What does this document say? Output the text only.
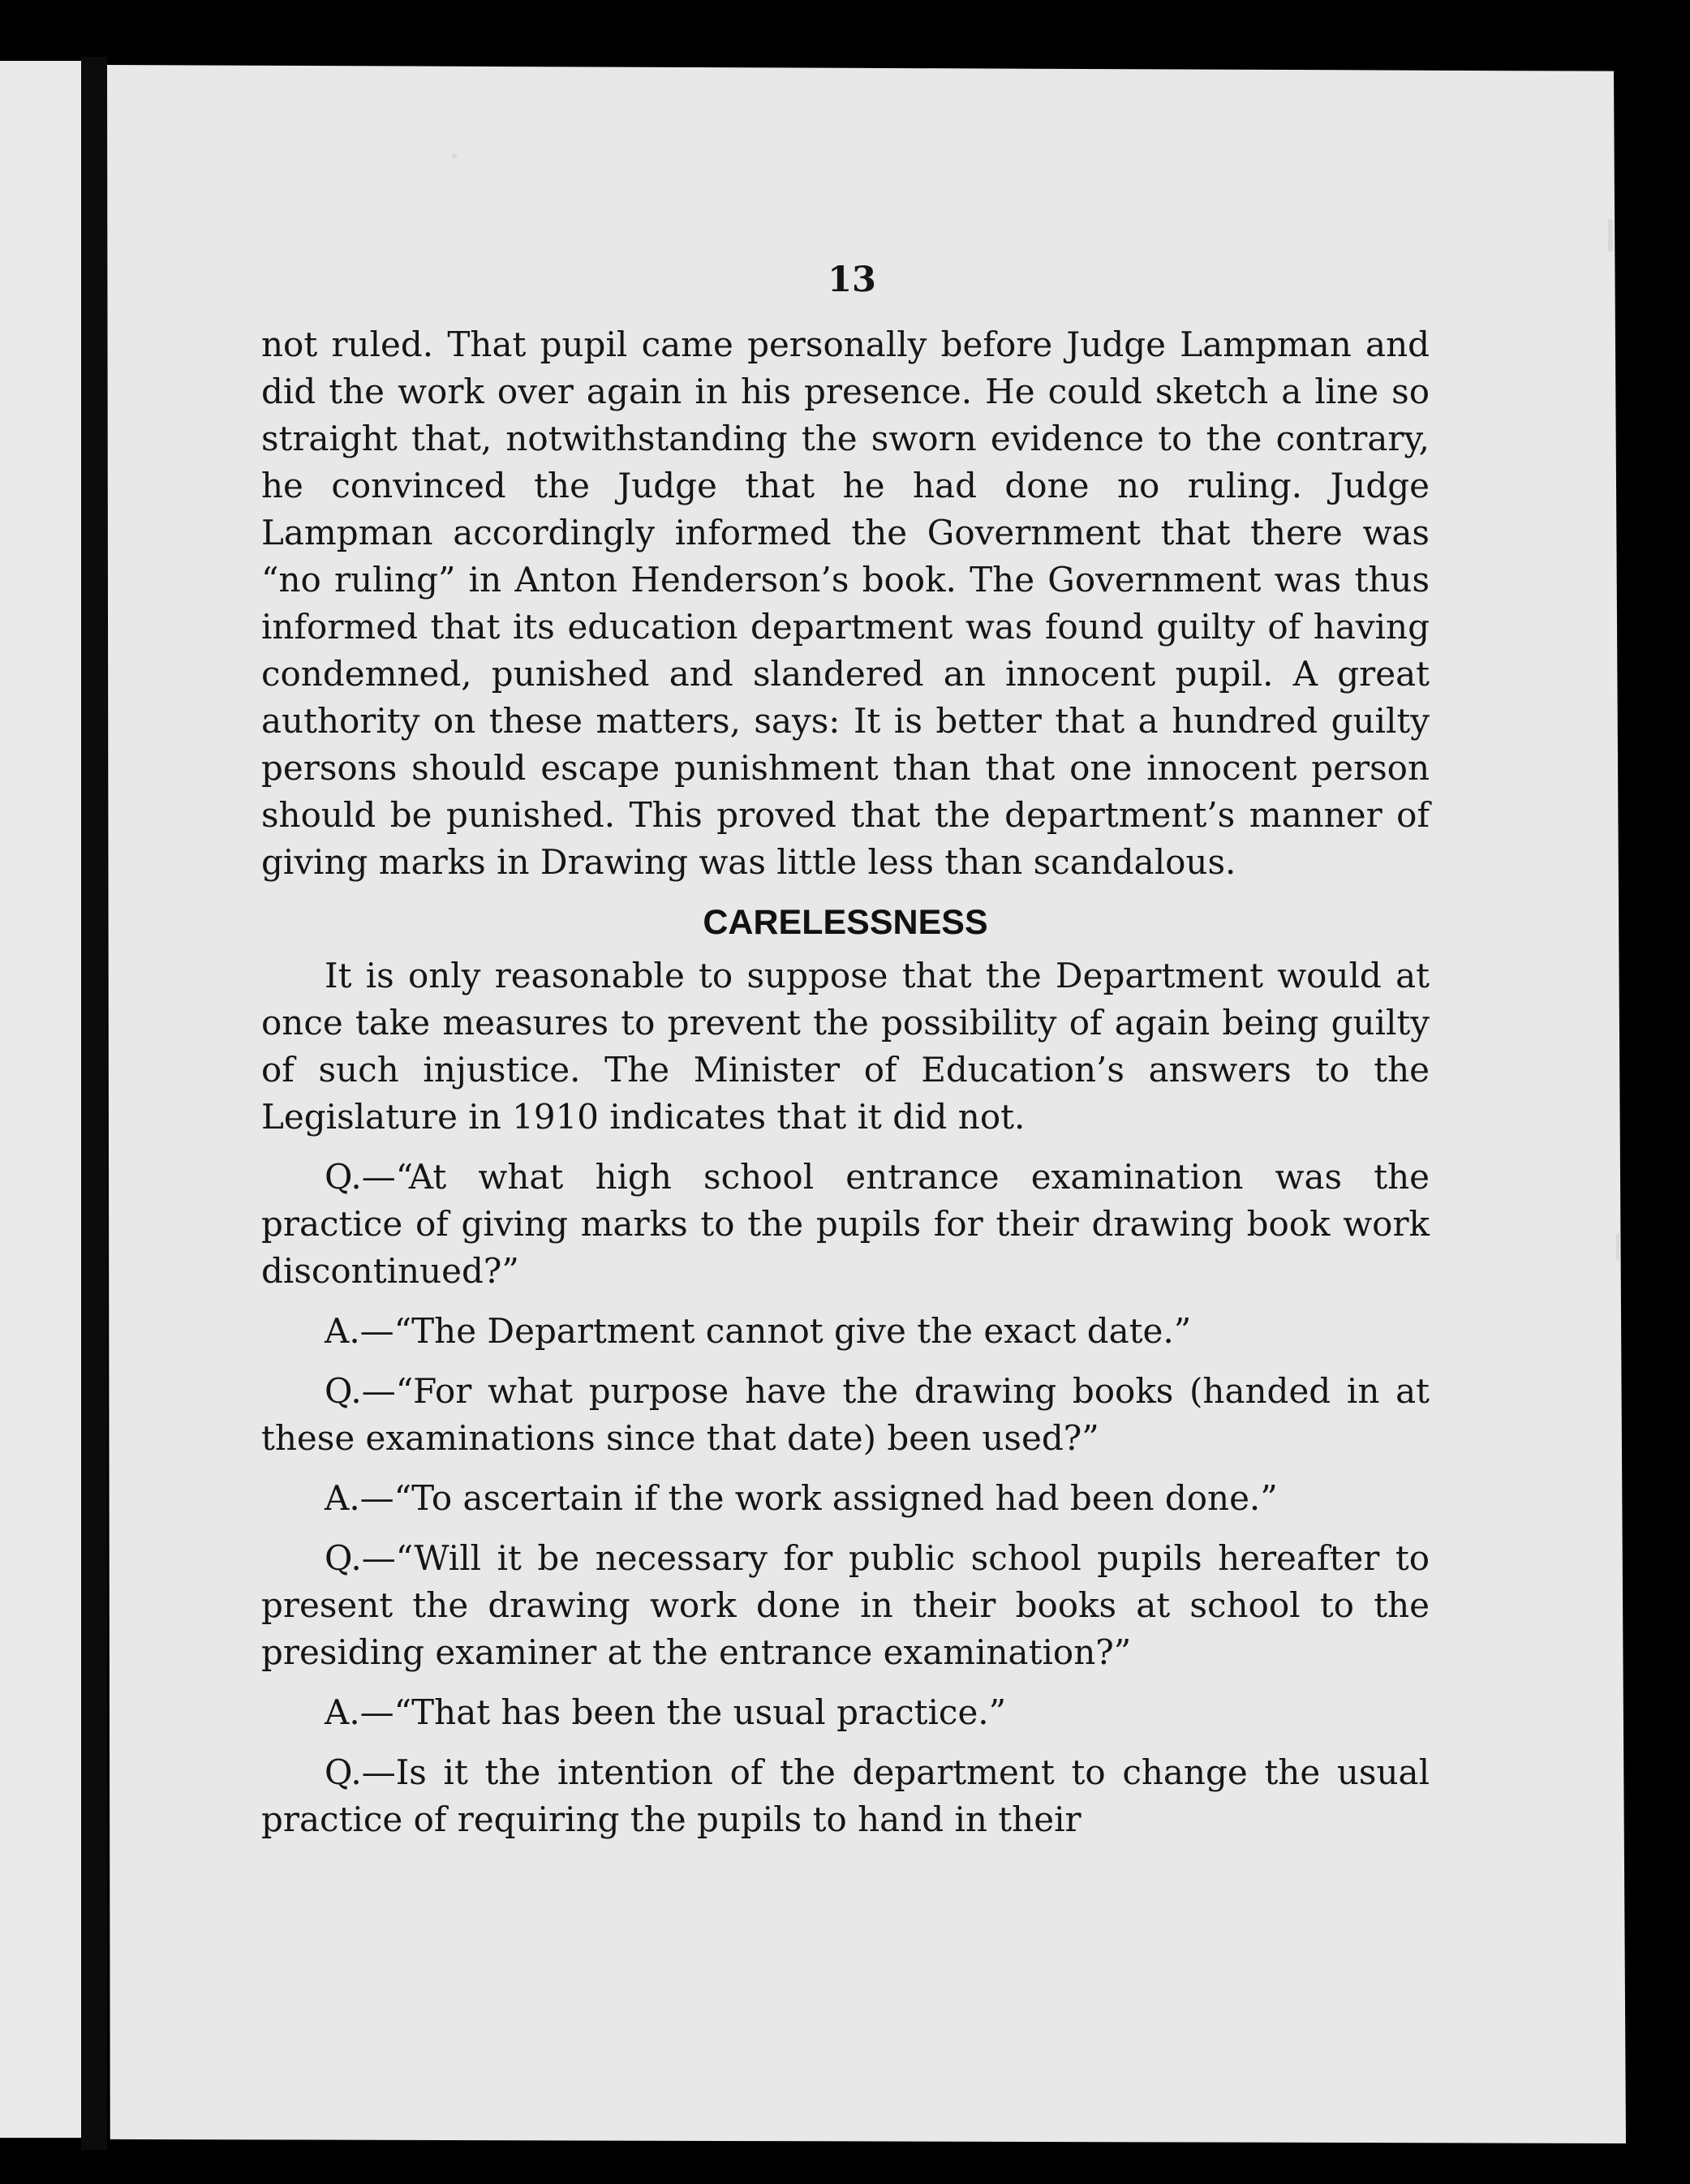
13

not ruled. That pupil came personally before Judge Lampman and did the work over again in his presence. He could sketch a line so straight that, notwithstanding the sworn evidence to the contrary, he convinced the Judge that he had done no ruling. Judge Lampman accordingly informed the Government that there was “no ruling” in Anton Henderson’s book. The Government was thus informed that its education department was found guilty of having condemned, punished and slandered an innocent pupil. A great authority on these matters, says: It is better that a hundred guilty persons should escape punishment than that one innocent person should be punished. This proved that the department’s manner of giving marks in Drawing was little less than scandalous.

CARELESSNESS

It is only reasonable to suppose that the Department would at once take measures to prevent the possibility of again being guilty of such injustice. The Minister of Education’s answers to the Legislature in 1910 indicates that it did not.

Q.—“At what high school entrance examination was the practice of giving marks to the pupils for their drawing book work discontinued?”

A.—“The Department cannot give the exact date.”

Q.—“For what purpose have the drawing books (handed in at these examinations since that date) been used?”

A.—“To ascertain if the work assigned had been done.”

Q.—“Will it be necessary for public school pupils hereafter to present the drawing work done in their books at school to the presiding examiner at the entrance examination?”

A.—“That has been the usual practice.”

Q.—Is it the intention of the department to change the usual practice of requiring the pupils to hand in their
